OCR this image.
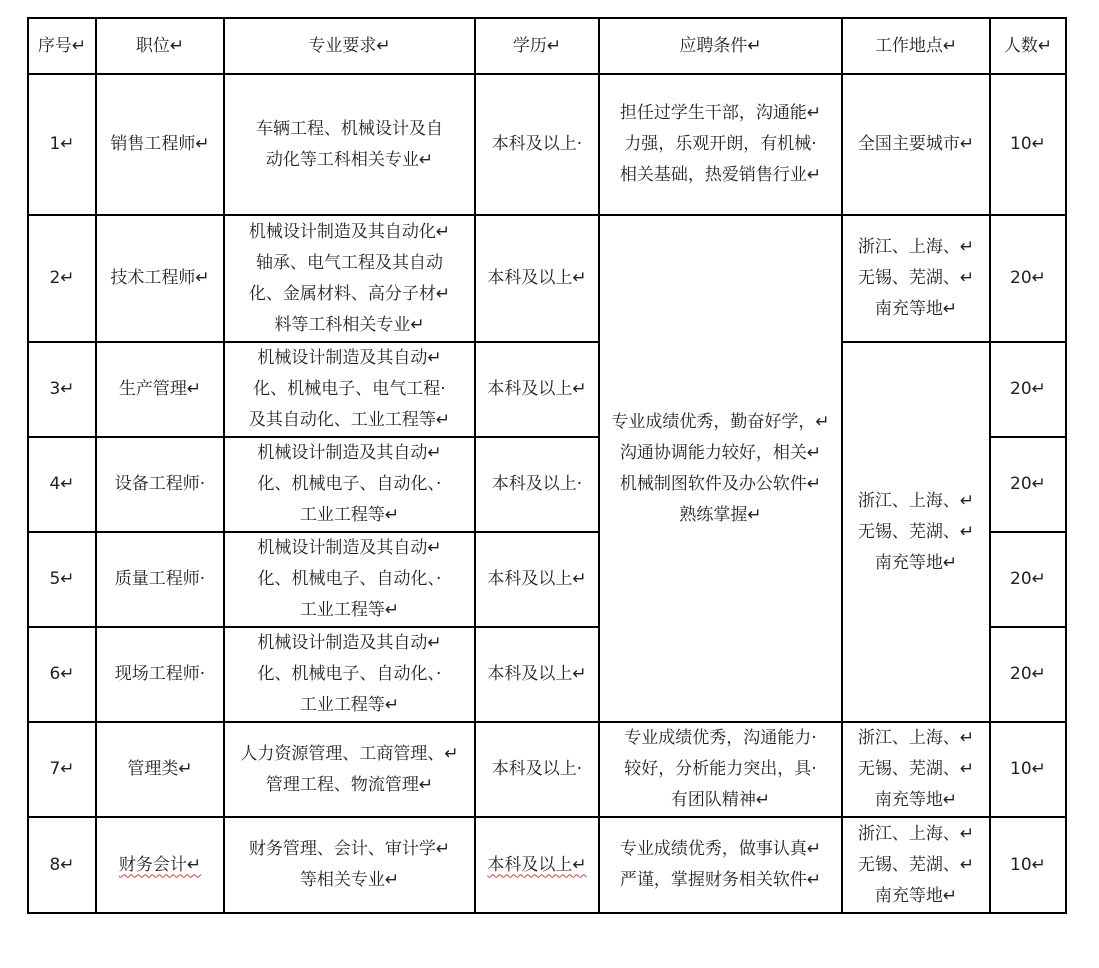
序号↵	职位↵	专业要求↵	学历↵	应聘条件↵	工作地点↵	人数↵
1↵	销售工程师↵	车辆工程、机械设计及自
动化等工科相关专业↵	本科及以上·	担任过学生干部，沟通能↵
力强，乐观开朗，有机械·
相关基础，热爱销售行业↵	全国主要城市↵	10↵
2↵	技术工程师↵	机械设计制造及其自动化↵
轴承、电气工程及其自动
化、金属材料、高分子材↵
料等工科相关专业↵	本科及以上↵	专业成绩优秀，勤奋好学，↵
沟通协调能力较好，相关↵
机械制图软件及办公软件↵
熟练掌握↵	浙江、上海、↵
无锡、芜湖、↵
南充等地↵	20↵
3↵	生产管理↵	机械设计制造及其自动↵
化、机械电子、电气工程·
及其自动化、工业工程等↵	本科及以上↵		浙江、上海、↵
无锡、芜湖、↵
南充等地↵	20↵
4↵	设备工程师·	机械设计制造及其自动↵
化、机械电子、自动化、·
工业工程等↵	本科及以上·			20↵
5↵	质量工程师·	机械设计制造及其自动↵
化、机械电子、自动化、·
工业工程等↵	本科及以上↵			20↵
6↵	现场工程师·	机械设计制造及其自动↵
化、机械电子、自动化、·
工业工程等↵	本科及以上↵			20↵
7↵	管理类↵	人力资源管理、工商管理、↵
管理工程、物流管理↵	本科及以上·	专业成绩优秀，沟通能力·
较好，分析能力突出，具·
有团队精神↵	浙江、上海、↵
无锡、芜湖、↵
南充等地↵	10↵
8↵	财务会计↵	财务管理、会计、审计学↵
等相关专业↵	本科及以上↵	专业成绩优秀，做事认真↵
严谨，掌握财务相关软件↵	浙江、上海、↵
无锡、芜湖、↵
南充等地↵	10↵
